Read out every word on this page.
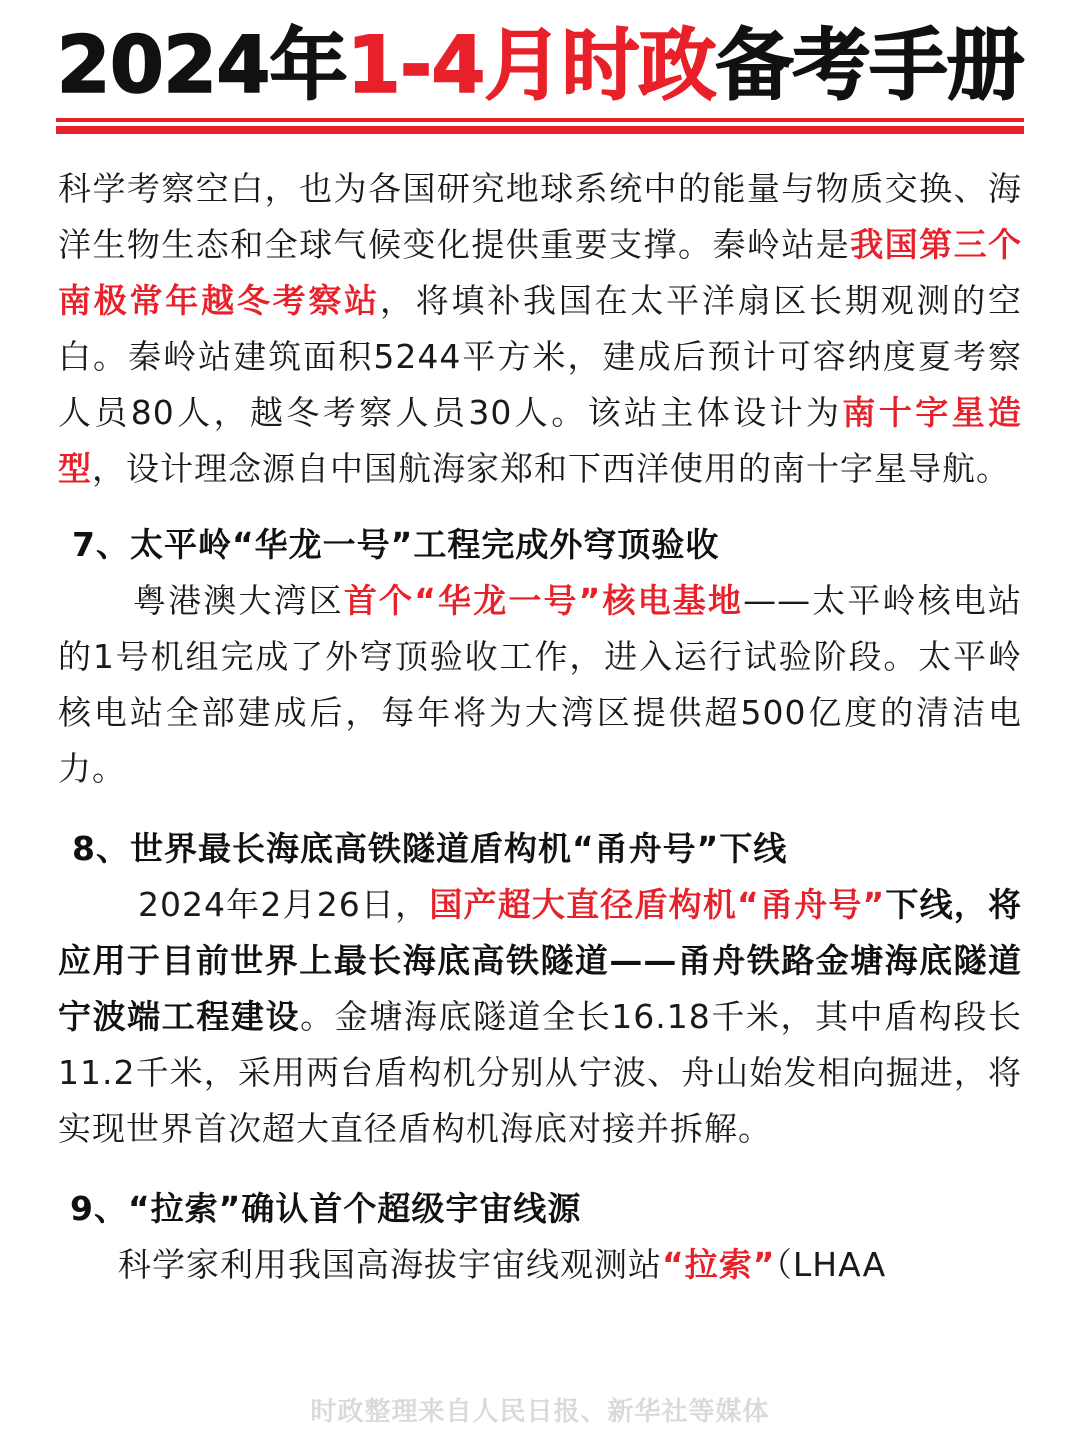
2024年1-4月时政备考手册

科学考察空白，也为各国研究地球系统中的能量与物质交换、海洋生物生态和全球气候变化提供重要支撑。秦岭站是我国第三个南极常年越冬考察站，将填补我国在太平洋扇区长期观测的空白。秦岭站建筑面积5244平方米，建成后预计可容纳度夏考察人员80人，越冬考察人员30人。该站主体设计为南十字星造型，设计理念源自中国航海家郑和下西洋使用的南十字星导航。

7、太平岭“华龙一号”工程完成外穹顶验收

粤港澳大湾区首个“华龙一号”核电基地——太平岭核电站的1号机组完成了外穹顶验收工作，进入运行试验阶段。太平岭核电站全部建成后，每年将为大湾区提供超500亿度的清洁电力。

8、世界最长海底高铁隧道盾构机“甬舟号”下线

2024年2月26日，国产超大直径盾构机“甬舟号”下线，将应用于目前世界上最长海底高铁隧道——甬舟铁路金塘海底隧道宁波端工程建设。金塘海底隧道全长16.18千米，其中盾构段长11.2千米，采用两台盾构机分别从宁波、舟山始发相向掘进，将实现世界首次超大直径盾构机海底对接并拆解。

9、“拉索”确认首个超级宇宙线源

科学家利用我国高海拔宇宙线观测站“拉索”（LHAA

时政整理来自人民日报、新华社等媒体
